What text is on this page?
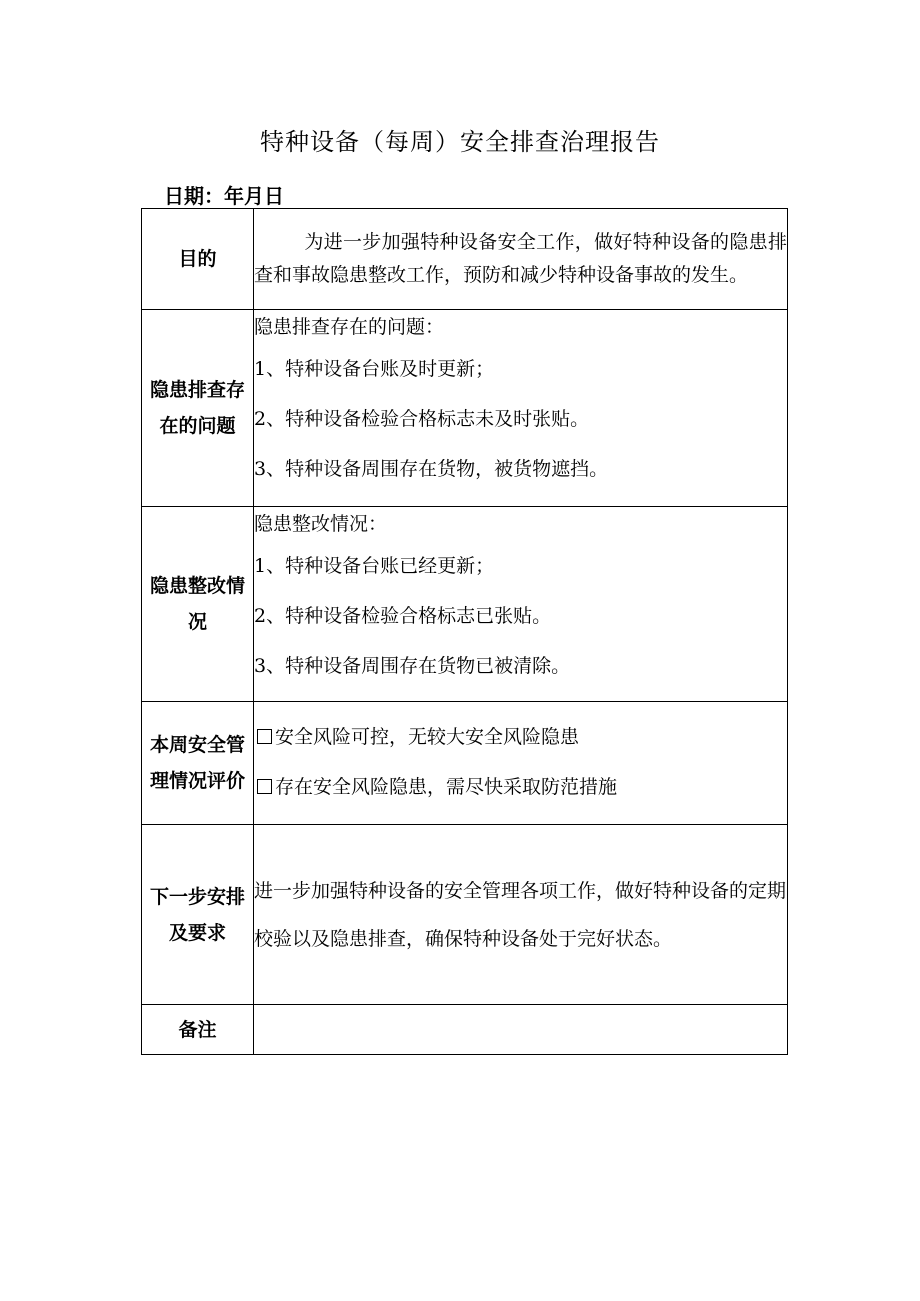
特种设备（每周）安全排查治理报告
日期：年月日
目的	为进一步加强特种设备安全工作，做好特种设备的隐患排查和事故隐患整改工作，预防和减少特种设备事故的发生。
隐患排查存在的问题	隐患排查存在的问题：
1、特种设备台账及时更新；
2、特种设备检验合格标志未及时张贴。
3、特种设备周围存在货物，被货物遮挡。

隐患整改情况	隐患整改情况：
1、特种设备台账已经更新；
2、特种设备检验合格标志已张贴。
3、特种设备周围存在货物已被清除。

本周安全管理情况评价	安全风险可控，无较大安全风险隐患
存在安全风险隐患，需尽快采取防范措施

下一步安排及要求	进一步加强特种设备的安全管理各项工作，做好特种设备的定期校验以及隐患排查，确保特种设备处于完好状态。
备注	
